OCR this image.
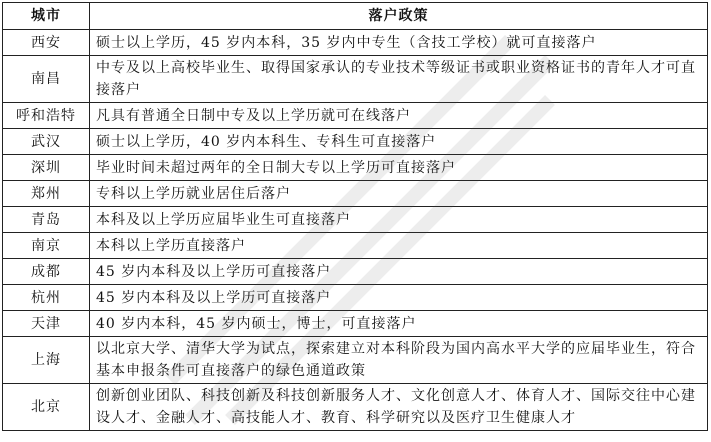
城市	落户政策
西安	硕士以上学历，45 岁内本科，35 岁内中专生（含技工学校）就可直接落户
南昌	中专及以上高校毕业生、取得国家承认的专业技术等级证书或职业资格证书的青年人才可直接落户
呼和浩特	凡具有普通全日制中专及以上学历就可在线落户
武汉	硕士以上学历，40 岁内本科生、专科生可直接落户
深圳	毕业时间未超过两年的全日制大专以上学历可直接落户
郑州	专科以上学历就业居住后落户
青岛	本科及以上学历应届毕业生可直接落户
南京	本科以上学历直接落户
成都	45 岁内本科及以上学历可直接落户
杭州	45 岁内本科及以上学历可直接落户
天津	40 岁内本科，45 岁内硕士，博士，可直接落户
上海	以北京大学、清华大学为试点，探索建立对本科阶段为国内高水平大学的应届毕业生，符合基本申报条件可直接落户的绿色通道政策
北京	创新创业团队、科技创新及科技创新服务人才、文化创意人才、体育人才、国际交往中心建设人才、金融人才、高技能人才、教育、科学研究以及医疗卫生健康人才
